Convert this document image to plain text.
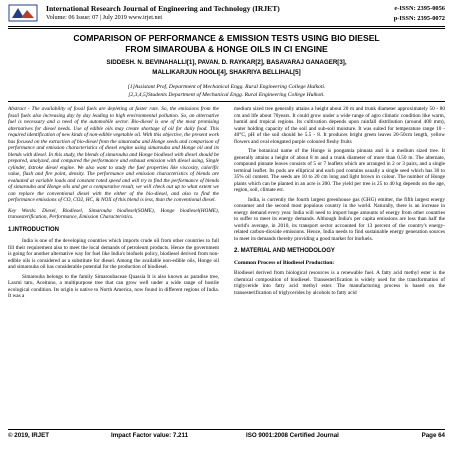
International Research Journal of Engineering and Technology (IRJET)
Volume: 06 Issue: 07 | July 2019 www.irjet.net
e-ISSN: 2395-0056
p-ISSN: 2395-0072
COMPARISON OF PERFORMANCE & EMISSION TESTS USING BIO DIESEL
FROM SIMAROUBA & HONGE OILS IN CI ENGINE
SIDDESH. N. BEVINAHALLI[1], PAVAN. D. RAYKAR[2], BASAVARAJ GANAGER[3],
MALLIKARJUN HOOLI[4], SHAKRIYA BELLIHAL[5]
[1]Assistant Prof, Department of Mechanical Engg. Rural Engineering College Hulkoti.
[2,3,4,5]Students Department of Mechanical Engg. Rural Engineering College Hulkoti.

Abstract - The availability of fossil fuels are depleting at faster rate. So, the emissions from the fossil fuels also increasing day by day leading to high environmental pollution. So, an alternative fuel is necessary and a need of the automobile sector. Bio-diesel is one of the most promising alternatives for diesel needs. Use of edible oils may create shortage of oil for daily food. This required identification of new kinds of non-edible vegetable oil. With this objective, the present work has focused on the extraction of bio-diesel from the simarouba and Honge seeds and comparison of performance and emission characteristics of diesel engine using simarouba and Honge oil and its blends with diesel. In this study, the blends of simarouba and Honge biodiesel with diesel should be prepared, analyzed, and compared the performance and exhaust emission with diesel using, Single cylinder, 4stroke diesel engine. We also want to study the fuel properties like viscosity, calorific value, flash and fire point, density. The performance and emission characteristics of blends are evaluated at variable loads and constant rated speed and will try to find the performance of blends of simarouba and Honge oils and get a comparative result, we will check out up to what extent we can replace the conventional diesel with the either of the bio-diesel, and also to find the performance emissions of CO, CO2, HC, & NOX of this blend is less, than the conventional diesel.

Key Words: Diesel, Biodiesel, Simarouba biodiesel(SOME), Honge biodiesel(HOME), transesterification, Performance, Emission Characteristics.

1.INTRODUCTION

India is one of the developing countries which imports crude oil from other countries to full fill their requirement also to meet the local demands of petroleum products. Hence the government is going for another alternative way for fuel like India's biofuels policy, biodiesel derived from non-edible oils is considered as a substitute for diesel. Among the available non-edible oils, Honge oil and simarouba oil has considerable potential for the production of biodiesel.

Simarouba belongs to the family Simaroubaceae Quassia It is also known as paradise tree, Laxmi taru, Aceituno, a multipurpose tree that can grow well under a wide range of hostile ecological condition. Its origin is native to North America, now found in different regions of India. It was a

medium sized tree generally attains a height about 20 m and trunk diameter approximately 50 - 80 cm and life about 70years. It could grow under a wide range of agro climatic condition like warm, humid and tropical regions. Its cultivation depends upon rainfall distribution (around 400 mm), water holding capacity of the soil and sub-soil moisture. It was suited for temperature range 10 - 40°C, pH of the soil should be 5.5 - 8. It produces bright green leaves 20-50cm length, yellow flowers and oval elongated purple coloured fleshy fruits

The botanical name of the Honge is pongamia pinnata and is a medium sized tree. It generally attains a height of about 8 m and a trunk diameter of more than 0.50 m. The alternate, compound pinnate leaves consists of 5 or 7 leaflets which are arranged in 2 or 3 pairs, and a single terminal leaflet. Its pods are elliptical and each pod contains usually a single seed which has 30 to 35% oil content. The seeds are 10 to 20 cm long and light brown in colour. The number of Honge plants which can be planted in an acre is 200. The yield per tree is 25 to 40 kg depends on the age, region, soil, climate etc.

India, is currently the fourth largest greenhouse gas (GHG) emitter, the fifth largest energy consumer and the second most populous country in the world. Naturally, there is an increase in energy demand every year. India will need to import huge amounts of energy from other countries to suffer to meet its energy demands. Although India's per capita emissions are less than half the world's average, in 2010, its transport sector accounted for 13 percent of the country's energy-related carbon-dioxide emissions. Hence, India needs to find sustainable energy generation sources to meet its demands thereby providing a good market for biofuels.

2. MATERIAL AND METHODOLOGY
Common Process of Biodiesel Production:

Biodiesel derived from biological resources is a renewable fuel. A fatty acid methyl ester is the chemical composition of biodiesel. Transesterification is widely used for the transformation of triglyceride into fatty acid methyl ester. The manufacturing process is based on the transesterification of triglycerides by alcohols to fatty acid

© 2019, IRJET	Impact Factor value: 7.211	ISO 9001:2008 Certified Journal	Page 64
